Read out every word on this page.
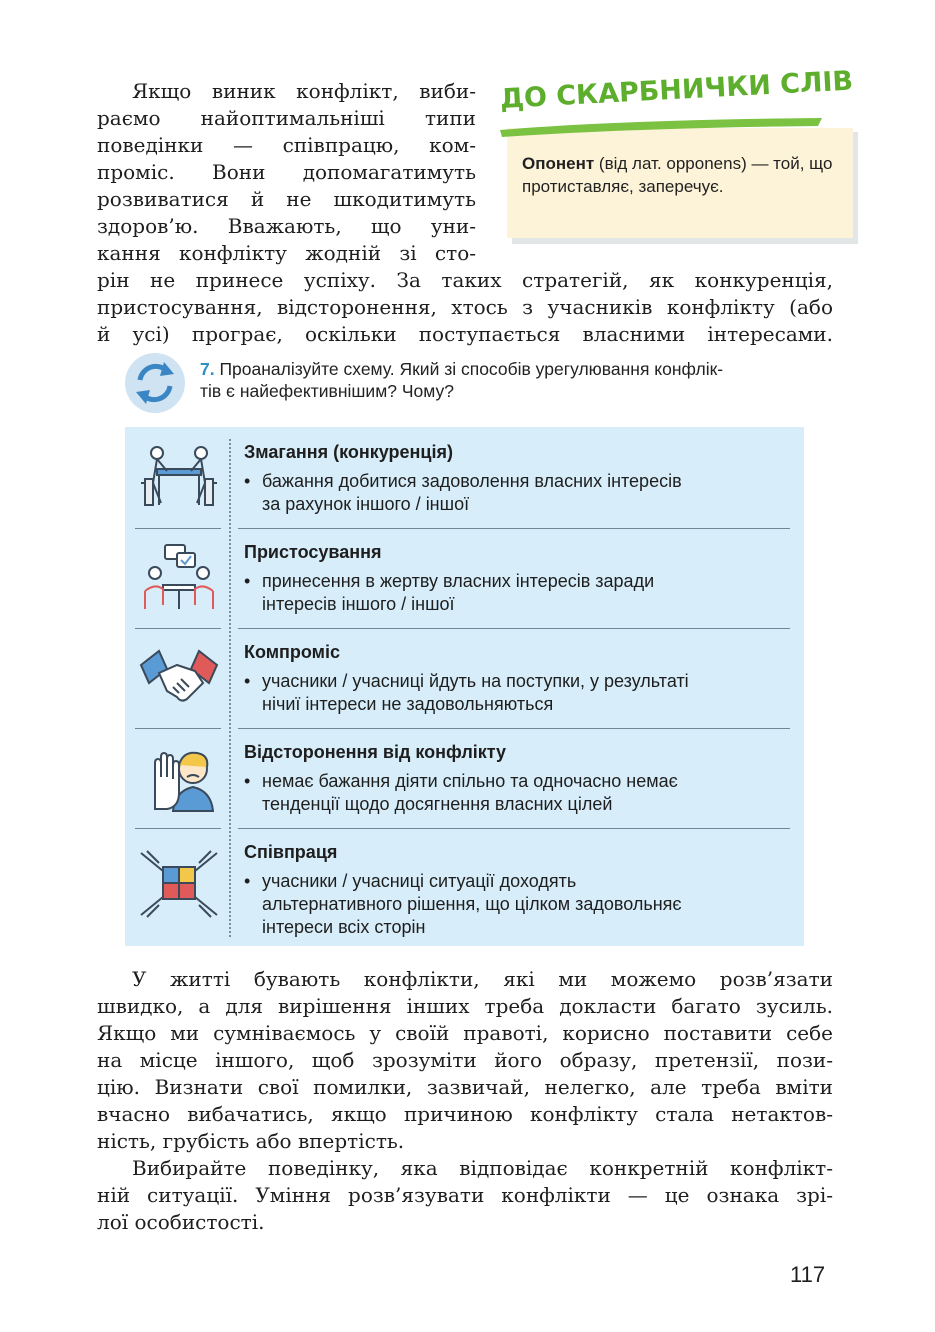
Якщо виник конфлікт, виби-
раємо найоптимальніші типи
поведінки — співпрацю, ком-
проміс. Вони допомагатимуть
розвиватися й не шкодитимуть
здоров’ю. Вважають, що уни-
кання конфлікту жодній зі сто-
рін не принесе успіху. За таких стратегій, як конкуренція,
пристосування, відсторонення, хтось з учасників конфлікту (або
й усі) програє, оскільки поступається власними інтересами.
ДО СКАРБНИЧКИ СЛІВ
Опонент (від лат. opponens) — той, що протиставляє, заперечує.
7. Проаналізуйте схему. Який зі способів урегулювання конфлік-
тів є найефективнішим? Чому?
Змагання (конкуренція)
• бажання добитися задоволення власних інтересів
за рахунок іншого / іншої
Пристосування
• принесення в жертву власних інтересів заради
інтересів іншого / іншої
Компроміс
• учасники / учасниці йдуть на поступки, у результаті
нічиї інтереси не задовольняються
Відсторонення від конфлікту
• немає бажання діяти спільно та одночасно немає
тенденції щодо досягнення власних цілей
Співпраця
• учасники / учасниці ситуації доходять
альтернативного рішення, що цілком задовольняє
інтереси всіх сторін
У житті бувають конфлікти, які ми можемо розв’язати
швидко, а для вирішення інших треба докласти багато зусиль.
Якщо ми сумніваємось у своїй правоті, корисно поставити себе
на місце іншого, щоб зрозуміти його образу, претензії, пози-
цію. Визнати свої помилки, зазвичай, нелегко, але треба вміти
вчасно вибачатись, якщо причиною конфлікту стала нетактов-
ність, грубість або впертість.
Вибирайте поведінку, яка відповідає конкретній конфлікт-
ній ситуації. Уміння розв’язувати конфлікти — це ознака зрі-
лої особистості.
117
